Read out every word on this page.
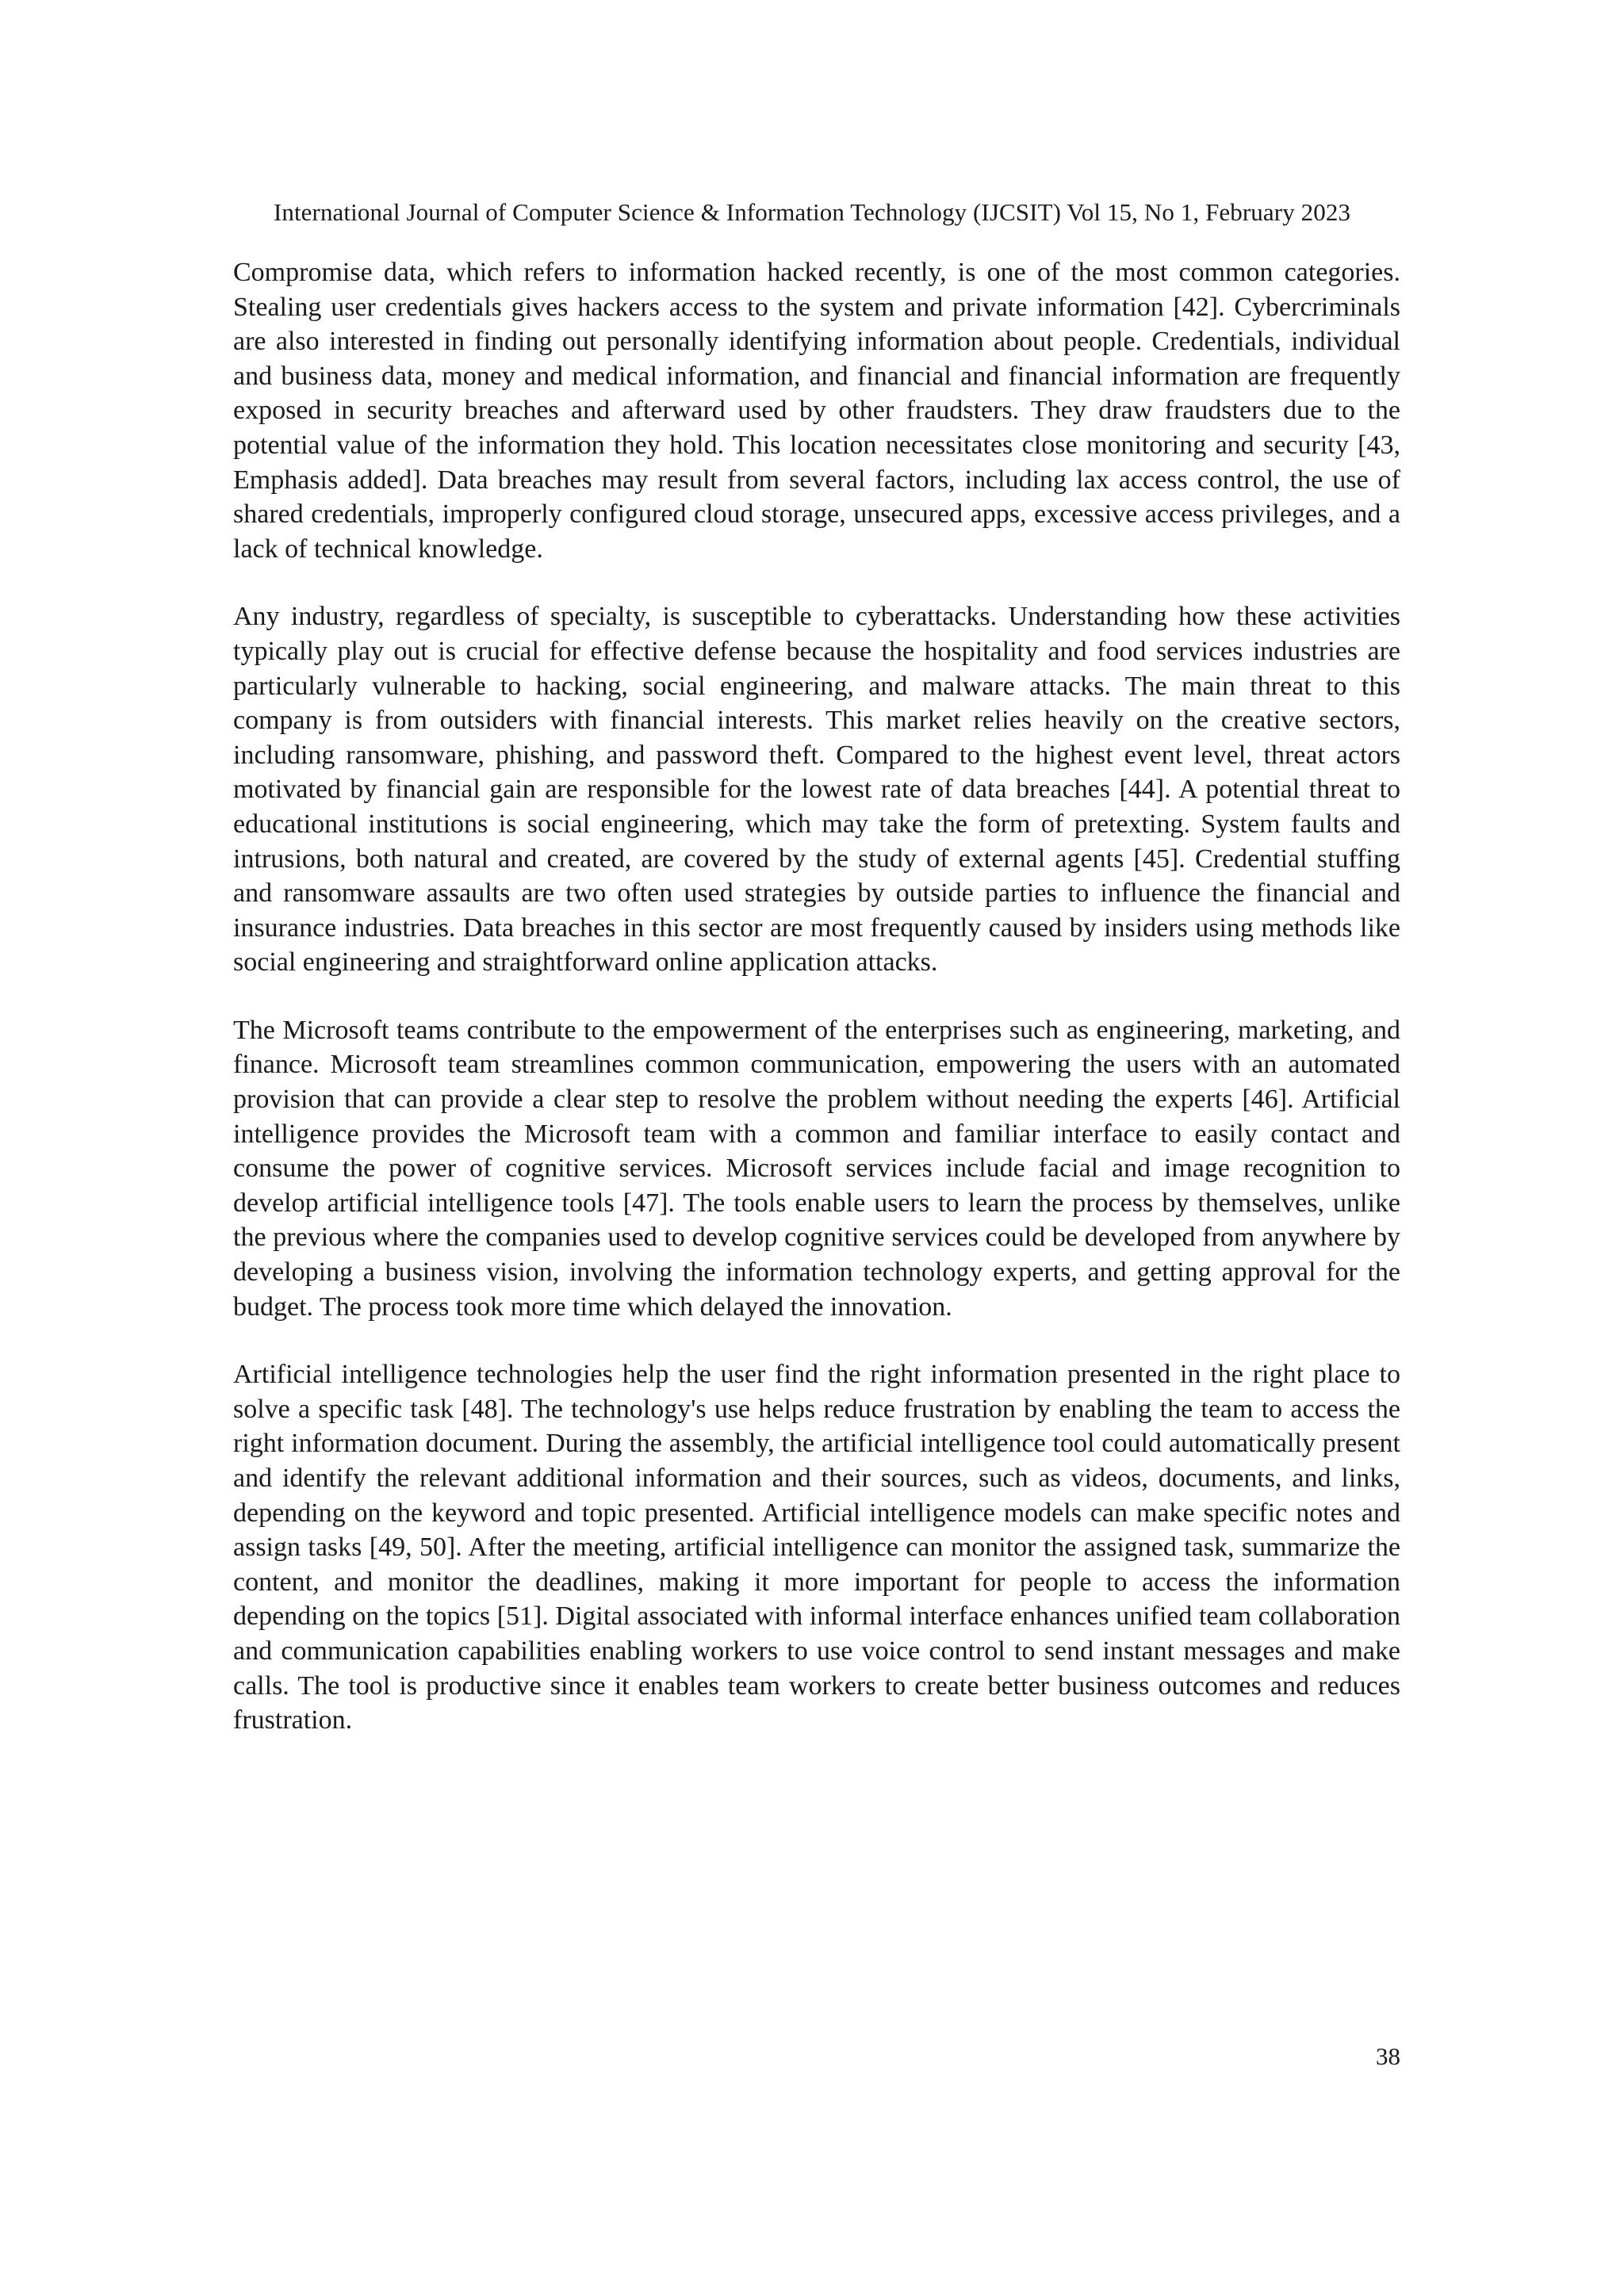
International Journal of Computer Science & Information Technology (IJCSIT) Vol 15, No 1, February 2023

Compromise data, which refers to information hacked recently, is one of the most common categories. Stealing user credentials gives hackers access to the system and private information [42]. Cybercriminals are also interested in finding out personally identifying information about people. Credentials, individual and business data, money and medical information, and financial and financial information are frequently exposed in security breaches and afterward used by other fraudsters. They draw fraudsters due to the potential value of the information they hold. This location necessitates close monitoring and security [43, Emphasis added]. Data breaches may result from several factors, including lax access control, the use of shared credentials, improperly configured cloud storage, unsecured apps, excessive access privileges, and a lack of technical knowledge.

Any industry, regardless of specialty, is susceptible to cyberattacks. Understanding how these activities typically play out is crucial for effective defense because the hospitality and food services industries are particularly vulnerable to hacking, social engineering, and malware attacks. The main threat to this company is from outsiders with financial interests. This market relies heavily on the creative sectors, including ransomware, phishing, and password theft. Compared to the highest event level, threat actors motivated by financial gain are responsible for the lowest rate of data breaches [44]. A potential threat to educational institutions is social engineering, which may take the form of pretexting. System faults and intrusions, both natural and created, are covered by the study of external agents [45]. Credential stuffing and ransomware assaults are two often used strategies by outside parties to influence the financial and insurance industries. Data breaches in this sector are most frequently caused by insiders using methods like social engineering and straightforward online application attacks.

The Microsoft teams contribute to the empowerment of the enterprises such as engineering, marketing, and finance. Microsoft team streamlines common communication, empowering the users with an automated provision that can provide a clear step to resolve the problem without needing the experts [46]. Artificial intelligence provides the Microsoft team with a common and familiar interface to easily contact and consume the power of cognitive services. Microsoft services include facial and image recognition to develop artificial intelligence tools [47]. The tools enable users to learn the process by themselves, unlike the previous where the companies used to develop cognitive services could be developed from anywhere by developing a business vision, involving the information technology experts, and getting approval for the budget. The process took more time which delayed the innovation.

Artificial intelligence technologies help the user find the right information presented in the right place to solve a specific task [48]. The technology's use helps reduce frustration by enabling the team to access the right information document. During the assembly, the artificial intelligence tool could automatically present and identify the relevant additional information and their sources, such as videos, documents, and links, depending on the keyword and topic presented. Artificial intelligence models can make specific notes and assign tasks [49, 50]. After the meeting, artificial intelligence can monitor the assigned task, summarize the content, and monitor the deadlines, making it more important for people to access the information depending on the topics [51]. Digital associated with informal interface enhances unified team collaboration and communication capabilities enabling workers to use voice control to send instant messages and make calls. The tool is productive since it enables team workers to create better business outcomes and reduces frustration.

38
